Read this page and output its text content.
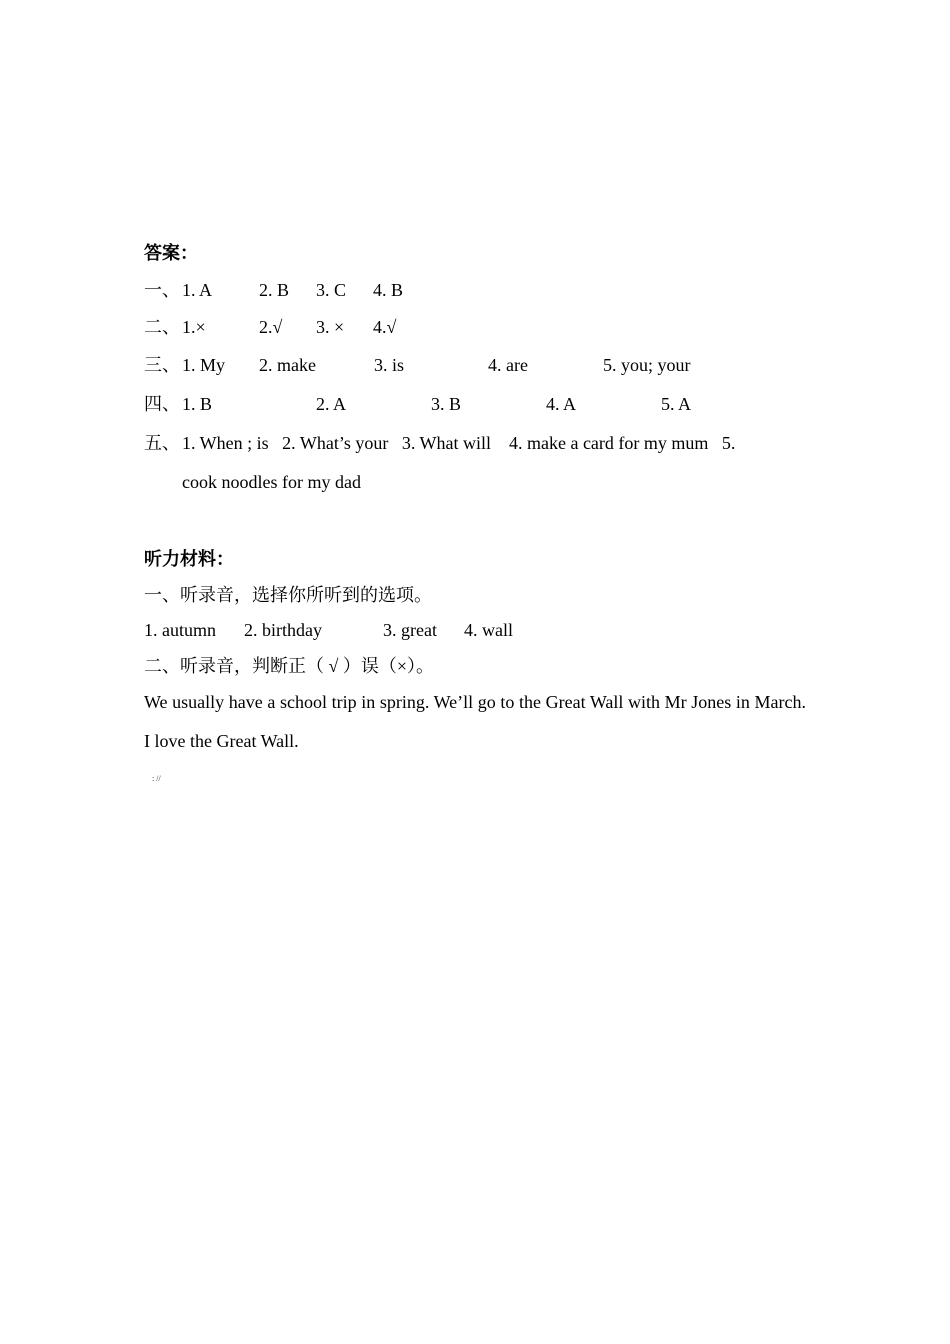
答案：
一、 1. A	2. B 3. C 4. B
二、 1.×	2.√ 3. × 4.√
三、 1. My 2. make	3. is	4. are	5. you; your
四、 1. B	2. A	3. B	4. A	5. A
五、 1. When ; is   2. What’s your   3. What will    4. make a card for my mum   5.
cook noodles for my dad
听力材料：
一、听录音，选择你所听到的选项。
1. autumn 2. birthday	3. great 4. wall
二、听录音，判断正（ √ ）误（×）。
We usually have a school trip in spring. We’ll go to the Great Wall with Mr Jones in March. I love the Great Wall.
: //
